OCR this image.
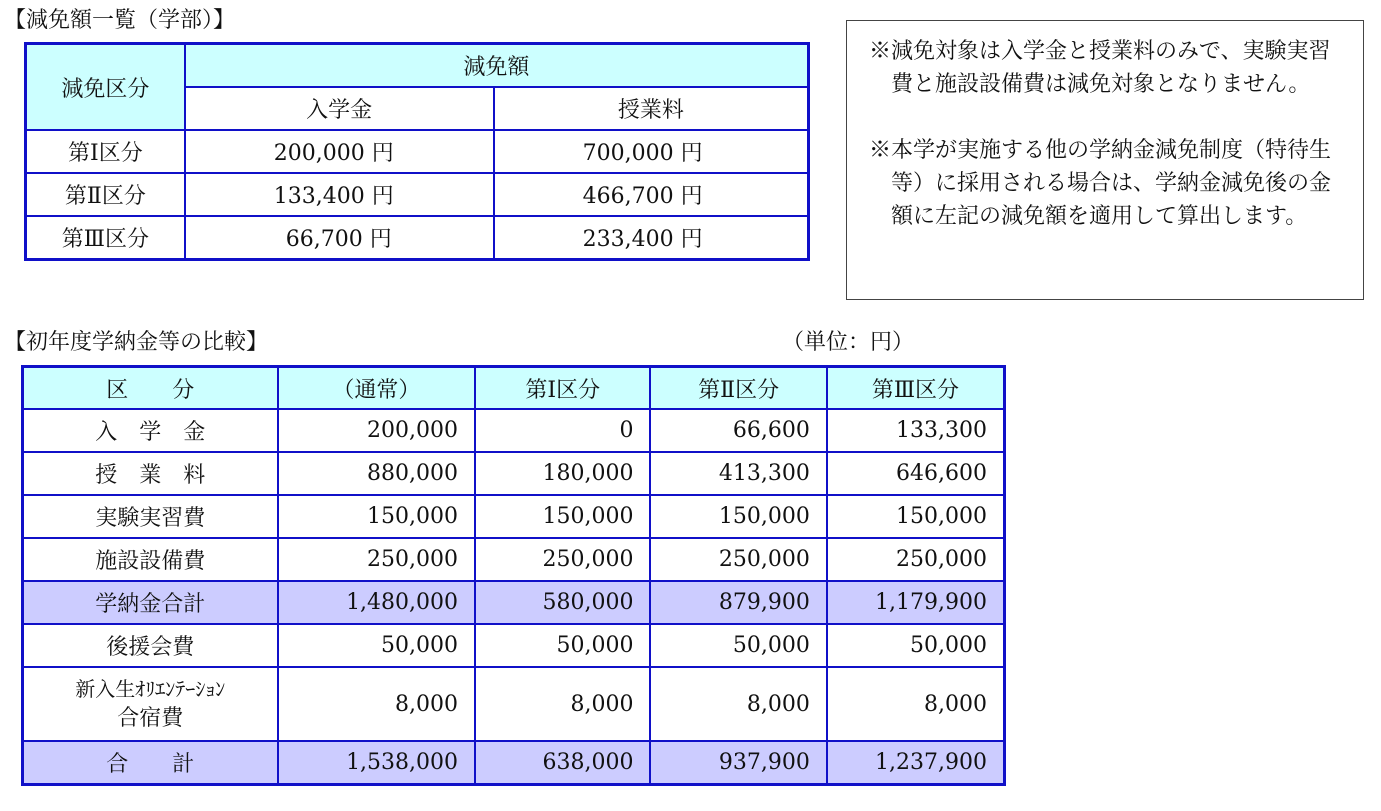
【減免額一覧（学部）】
減免区分	減免額	
	入学金	授業料
第Ⅰ区分	200,000 円	700,000 円
第Ⅱ区分	133,400 円	466,700 円
第Ⅲ区分	66,700 円	233,400 円

※減免対象は入学金と授業料のみで、実験実習費と施設設備費は減免対象となりません。

※本学が実施する他の学納金減免制度（特待生等）に採用される場合は、学納金減免後の金額に左記の減免額を適用して算出します。

【初年度学納金等の比較】	（単位：円）
区　　分	（通常）	第Ⅰ区分	第Ⅱ区分	第Ⅲ区分
入　学　金	200,000	0	66,600	133,300
授　業　料	880,000	180,000	413,300	646,600
実験実習費	150,000	150,000	150,000	150,000
施設設備費	250,000	250,000	250,000	250,000
学納金合計	1,480,000	580,000	879,900	1,179,900
後援会費	50,000	50,000	50,000	50,000

新入生ｵﾘｴﾝﾃｰｼｮﾝ
合宿費	8,000	8,000	8,000	8,000
合　　計	1,538,000	638,000	937,900	1,237,900
